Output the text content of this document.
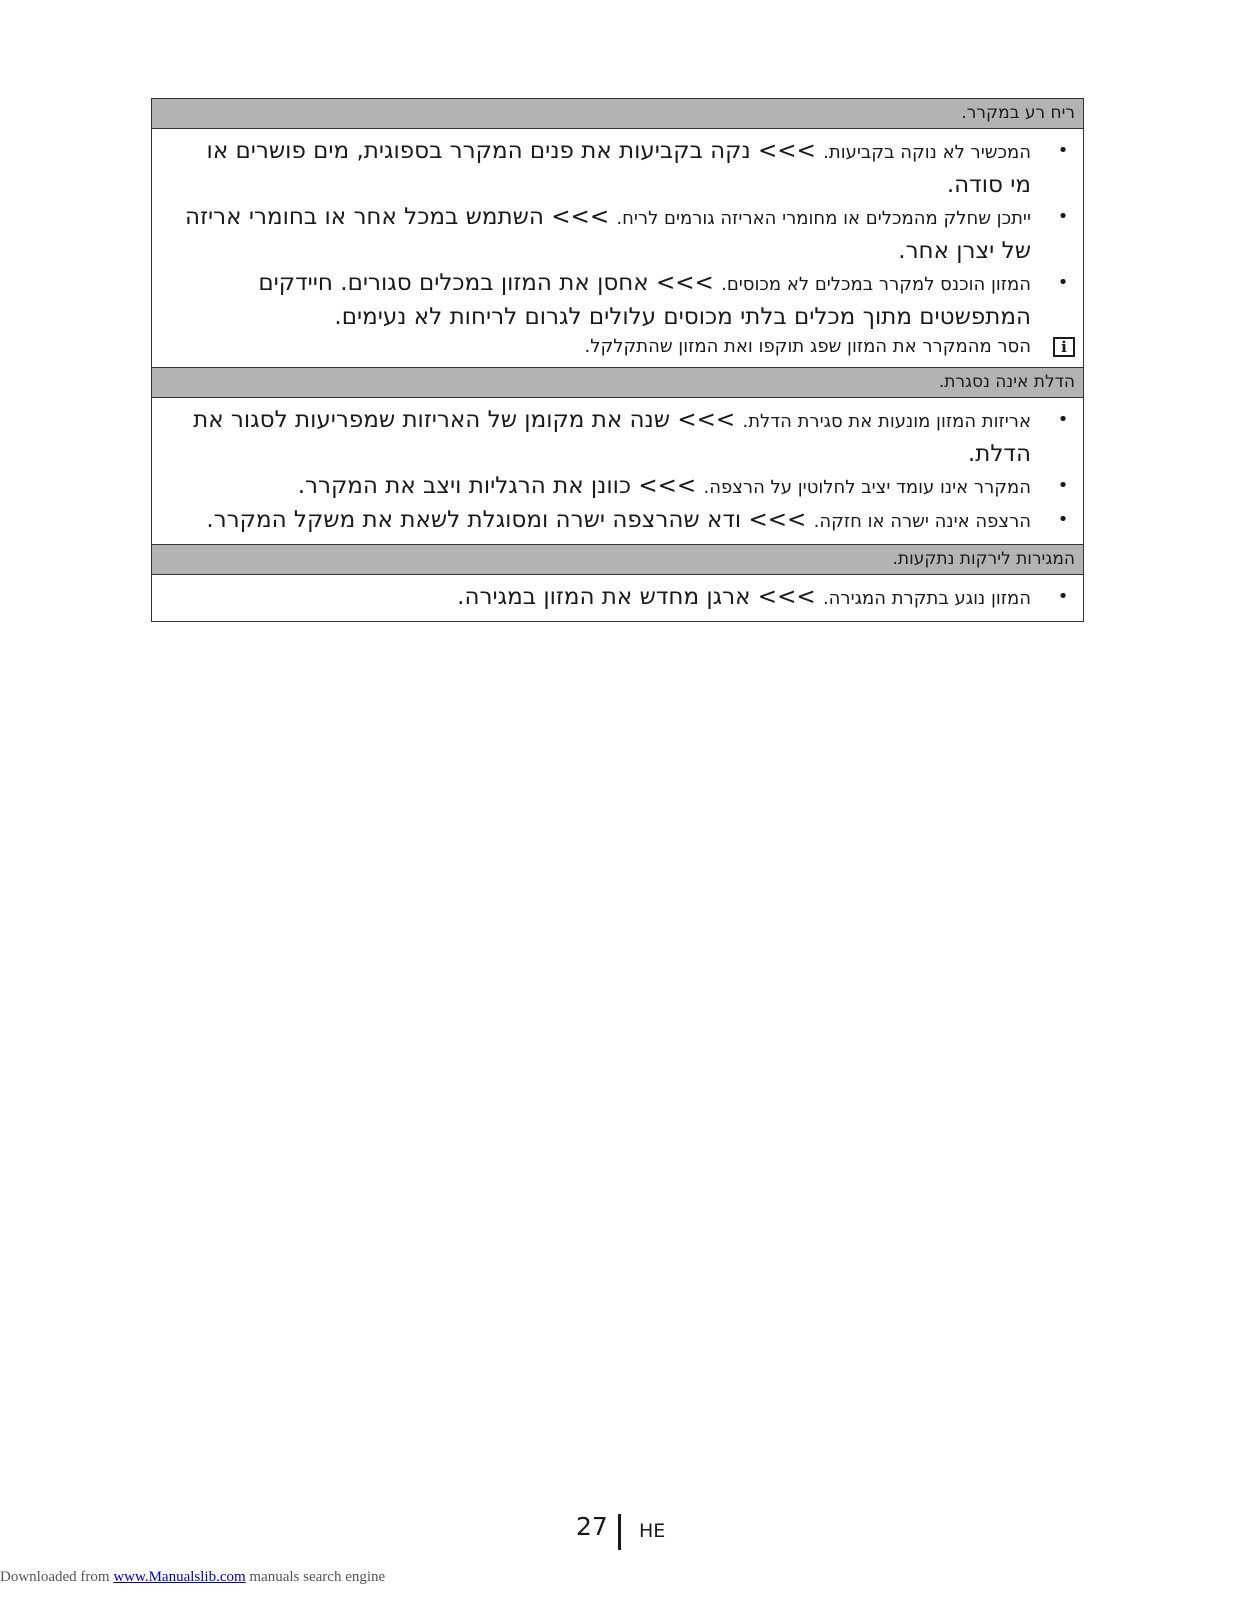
ריח רע במקרר.
•
המכשיר לא נוקה בקביעות. >>> נקה בקביעות את פנים המקרר בספוגית, מים פושרים או מי סודה.
•
ייתכן שחלק מהמכלים או מחומרי האריזה גורמים לריח. >>> השתמש במכל אחר או בחומרי אריזה של יצרן אחר.
•
המזון הוכנס למקרר במכלים לא מכוסים. >>> אחסן את המזון במכלים סגורים. חיידקים המתפשטים מתוך מכלים בלתי מכוסים עלולים לגרום לריחות לא נעימים.
i
הסר מהמקרר את המזון שפג תוקפו ואת המזון שהתקלקל.
הדלת אינה נסגרת.
•
אריזות המזון מונעות את סגירת הדלת. >>> שנה את מקומן של האריזות שמפריעות לסגור את הדלת.
•
המקרר אינו עומד יציב לחלוטין על הרצפה. >>> כוונן את הרגליות ויצב את המקרר.
•
הרצפה אינה ישרה או חזקה. >>> ודא שהרצפה ישרה ומסוגלת לשאת את משקל המקרר.
המגירות לירקות נתקעות.
•
המזון נוגע בתקרת המגירה. >>> ארגן מחדש את המזון במגירה.
27 HE
Downloaded from www.Manualslib.com manuals search engine
